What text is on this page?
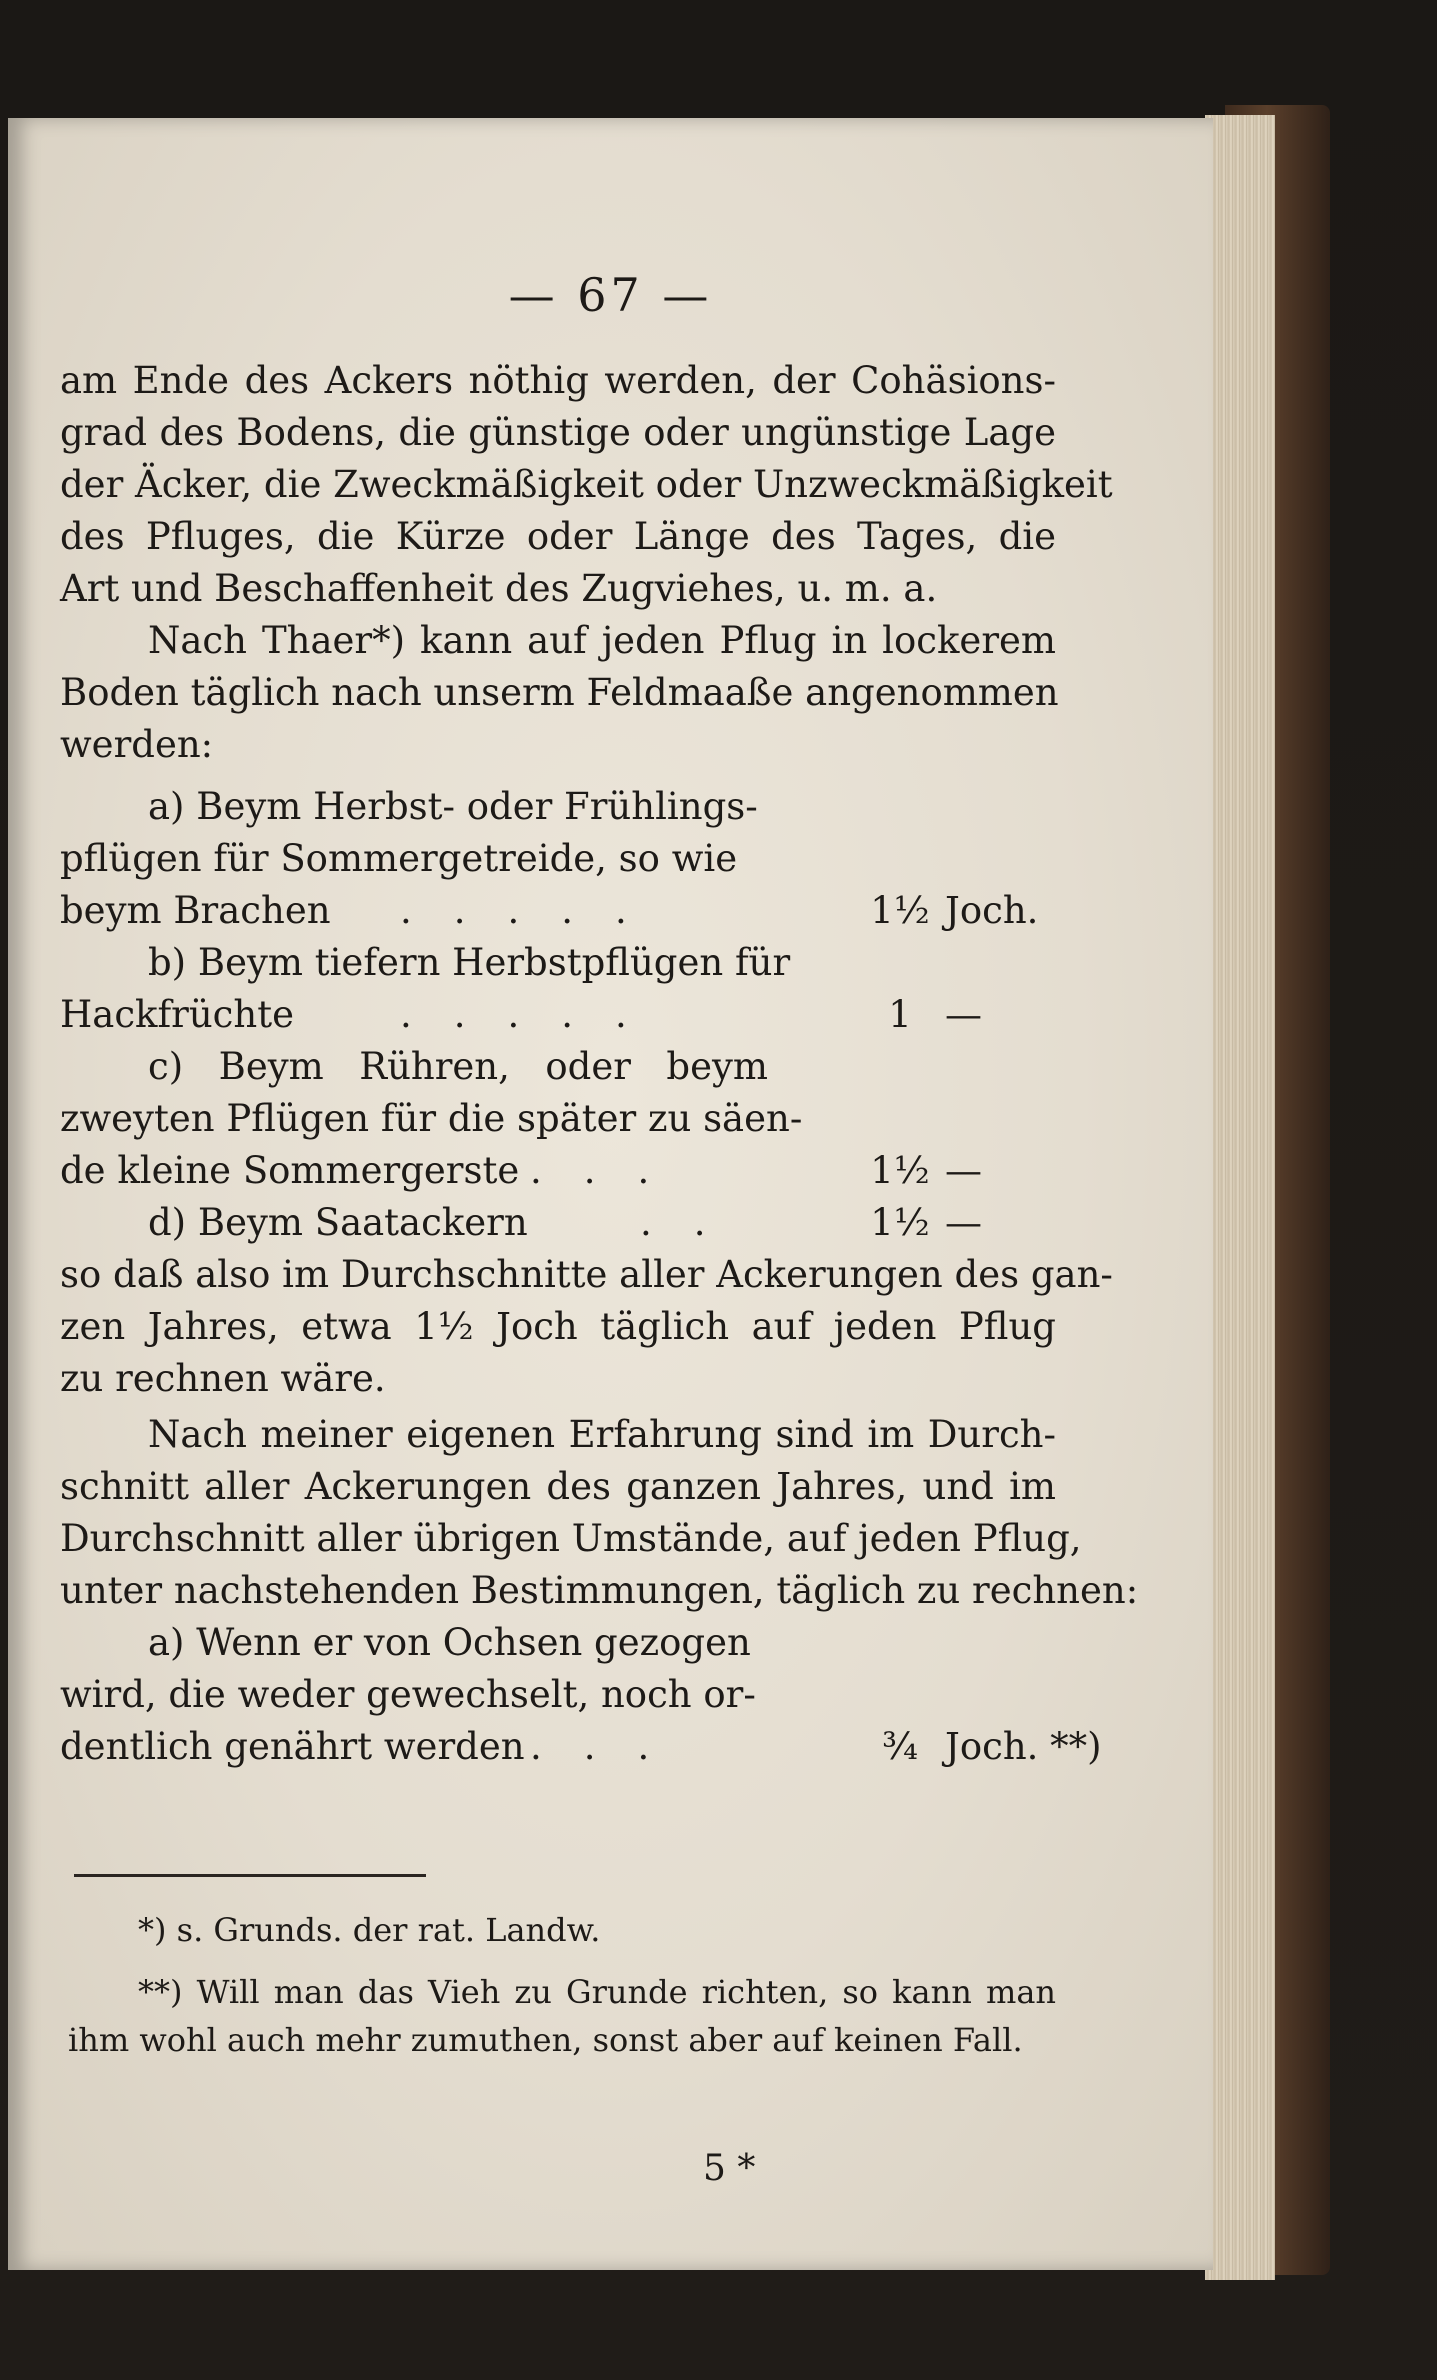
— 67 —
am Ende des Ackers nöthig werden, der Cohäsions-
grad des Bodens, die günstige oder ungünstige Lage
der Äcker, die Zweckmäßigkeit oder Unzweckmäßigkeit
des Pfluges, die Kürze oder Länge des Tages, die
Art und Beschaffenheit des Zugviehes, u. m. a.
Nach Thaer*) kann auf jeden Pflug in lockerem
Boden täglich nach unserm Feldmaaße angenommen
werden:
a) Beym Herbst- oder Frühlings-
pflügen für Sommergetreide, so wie
beym Brachen .....	1½ Joch.
b) Beym tiefern Herbstpflügen für
Hackfrüchte	.....	1 —
c) Beym Rühren, oder beym
zweyten Pflügen für die später zu säen-
de kleine Sommergerste ...	1½ —
d) Beym Saatackern	..	1½ —
so daß also im Durchschnitte aller Ackerungen des gan-
zen Jahres, etwa 1½ Joch täglich auf jeden Pflug
zu rechnen wäre.
Nach meiner eigenen Erfahrung sind im Durch-
schnitt aller Ackerungen des ganzen Jahres, und im
Durchschnitt aller übrigen Umstände, auf jeden Pflug,
unter nachstehenden Bestimmungen, täglich zu rechnen:
a) Wenn er von Ochsen gezogen
wird, die weder gewechselt, noch or-
dentlich genährt werden ...	¾ Joch. **)
*) s. Grunds. der rat. Landw.
**) Will man das Vieh zu Grunde richten, so kann man
ihm wohl auch mehr zumuthen, sonst aber auf keinen Fall.
5 *
